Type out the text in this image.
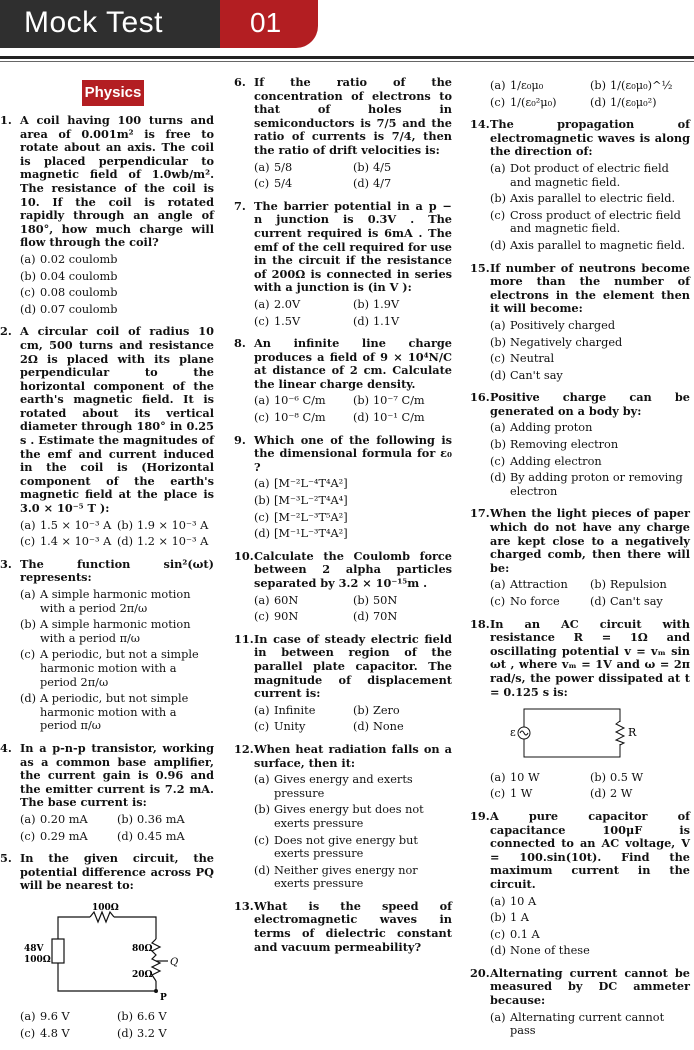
Mock Test	01
Physics
1. A coil having 100 turns and area of 0.001m² is free to rotate about an axis. The coil is placed perpendicular to magnetic field of 1.0wb/m². The resistance of the coil is 10. If the coil is rotated rapidly through an angle of 180°, how much charge will flow through the coil?
(a) 0.02 coulomb
(b) 0.04 coulomb
(c) 0.08 coulomb
(d) 0.07 coulomb
2. A circular coil of radius 10 cm, 500 turns and resistance 2Ω is placed with its plane perpendicular to the horizontal component of the earth's magnetic field. It is rotated about its vertical diameter through 180° in 0.25 s . Estimate the magnitudes of the emf and current induced in the coil is (Horizontal component of the earth's magnetic field at the place is 3.0 × 10⁻⁵ T ):
(a) 1.5 × 10⁻³ A (b) 1.9 × 10⁻³ A
(c) 1.4 × 10⁻³ A (d) 1.2 × 10⁻³ A
3. The function sin²(ωt) represents:
(a) A simple harmonic motion with a period 2π/ω
(b) A simple harmonic motion with a period π/ω
(c) A periodic, but not a simple harmonic motion with a period 2π/ω
(d) A periodic, but not simple harmonic motion with a period π/ω
4. In a p-n-p transistor, working as a common base amplifier, the current gain is 0.96 and the emitter current is 7.2 mA. The base current is:
(a) 0.20 mA	(b) 0.36 mA
(c) 0.29 mA	(d) 0.45 mA
5. In the given circuit, the potential difference across PQ will be nearest to:
100Ω
48V
100Ω
80Ω
20Ω
Q
P
(a) 9.6 V	(b) 6.6 V
(c) 4.8 V	(d) 3.2 V
6. If the ratio of the concentration of electrons to that of holes in semiconductors is 7/5 and the ratio of currents is 7/4, then the ratio of drift velocities is:
(a) 5/8	(b) 4/5
(c) 5/4	(d) 4/7
7. The barrier potential in a p − n junction is 0.3V . The current required is 6mA . The emf of the cell required for use in the circuit if the resistance of 200Ω is connected in series with a junction is (in V ):
(a) 2.0V	(b) 1.9V
(c) 1.5V	(d) 1.1V
8. An infinite line charge produces a field of 9 × 10⁴N/C at distance of 2 cm. Calculate the linear charge density.
(a) 10⁻⁶ C/m (b) 10⁻⁷ C/m
(c) 10⁻⁸ C/m (d) 10⁻¹ C/m
9. Which one of the following is the dimensional formula for ε₀ ?
(a) [M⁻²L⁻⁴T⁴A²]
(b) [M⁻³L⁻²T⁴A⁴]
(c) [M⁻²L⁻³T⁵A²]
(d) [M⁻¹L⁻³T⁴A²]
10. Calculate the Coulomb force between 2 alpha particles separated by 3.2 × 10⁻¹⁵m .
(a) 60N	(b) 50N
(c) 90N	(d) 70N
11. In case of steady electric field in between region of the parallel plate capacitor. The magnitude of displacement current is:
(a) Infinite	(b) Zero
(c) Unity	(d) None
12. When heat radiation falls on a surface, then it:
(a) Gives energy and exerts pressure
(b) Gives energy but does not exerts pressure
(c) Does not give energy but exerts pressure
(d) Neither gives energy nor exerts pressure
13. What is the speed of electromagnetic waves in terms of dielectric constant and vacuum permeability?
(a) 1/ε₀μ₀	(b) 1/(ε₀μ₀)^½
(c) 1/(ε₀²μ₀)	(d) 1/(ε₀μ₀²)
14. The propagation of electromagnetic waves is along the direction of:
(a) Dot product of electric field and magnetic field.
(b) Axis parallel to electric field.
(c) Cross product of electric field and magnetic field.
(d) Axis parallel to magnetic field.
15. If number of neutrons become more than the number of electrons in the element then it will become:
(a) Positively charged
(b) Negatively charged
(c) Neutral
(d) Can't say
16. Positive charge can be generated on a body by:
(a) Adding proton
(b) Removing electron
(c) Adding electron
(d) By adding proton or removing electron
17. When the light pieces of paper which do not have any charge are kept close to a negatively charged comb, then there will be:
(a) Attraction (b) Repulsion
(c) No force	(d) Can't say
18. In an AC circuit with resistance R = 1Ω and oscillating potential v = vₘ sin ωt , where vₘ = 1V and ω = 2π rad/s, the power dissipated at t = 0.125 s is:
ε	R
(a) 10 W	(b) 0.5 W
(c) 1 W	(d) 2 W
19. A pure capacitor of capacitance 100μF is connected to an AC voltage, V = 100.sin(10t). Find the maximum current in the circuit.
(a) 10 A
(b) 1 A
(c) 0.1 A
(d) None of these
20. Alternating current cannot be measured by DC ammeter because:
(a) Alternating current cannot pass
